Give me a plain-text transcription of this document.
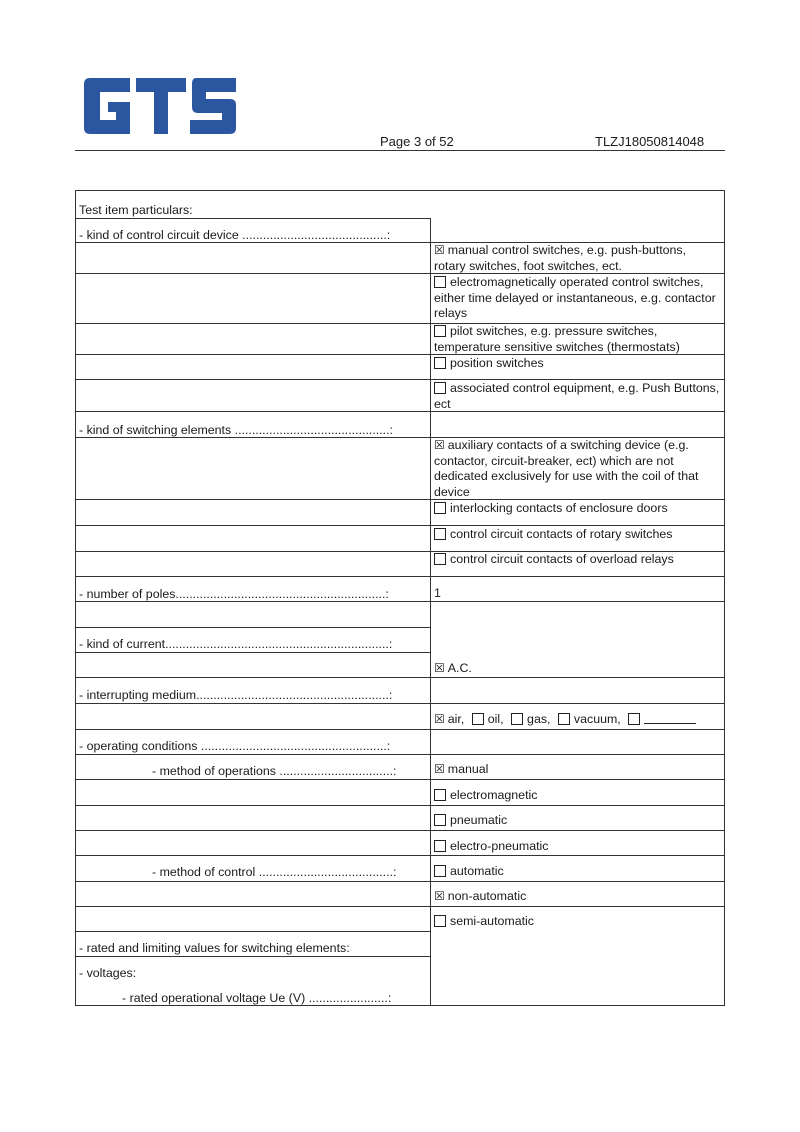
Page 3 of 52	TLZJ18050814048
Test item particulars:
- kind of control circuit device ..........................................:
- kind of switching elements .............................................:
- number of poles.............................................................:
- kind of current.................................................................:
- interrupting medium........................................................:
- operating conditions ......................................................:
- method of operations .................................:
- method of control .......................................:
- rated and limiting values for switching elements:
- voltages:
- rated operational voltage Ue (V) .......................:
☒ manual control switches, e.g. push-buttons, rotary switches, foot switches, ect.
electromagnetically operated control switches, either time delayed or instantaneous, e.g. contactor relays
pilot switches, e.g. pressure switches, temperature sensitive switches (thermostats)
position switches
associated control equipment, e.g. Push Buttons, ect
☒ auxiliary contacts of a switching device (e.g. contactor, circuit-breaker, ect) which are not dedicated exclusively for use with the coil of that device
interlocking contacts of enclosure doors
control circuit contacts of rotary switches
control circuit contacts of overload relays
1
☒ A.C.
☒ air, oil, gas, vacuum,
☒ manual
electromagnetic
pneumatic
electro-pneumatic
automatic
☒ non-automatic
semi-automatic
